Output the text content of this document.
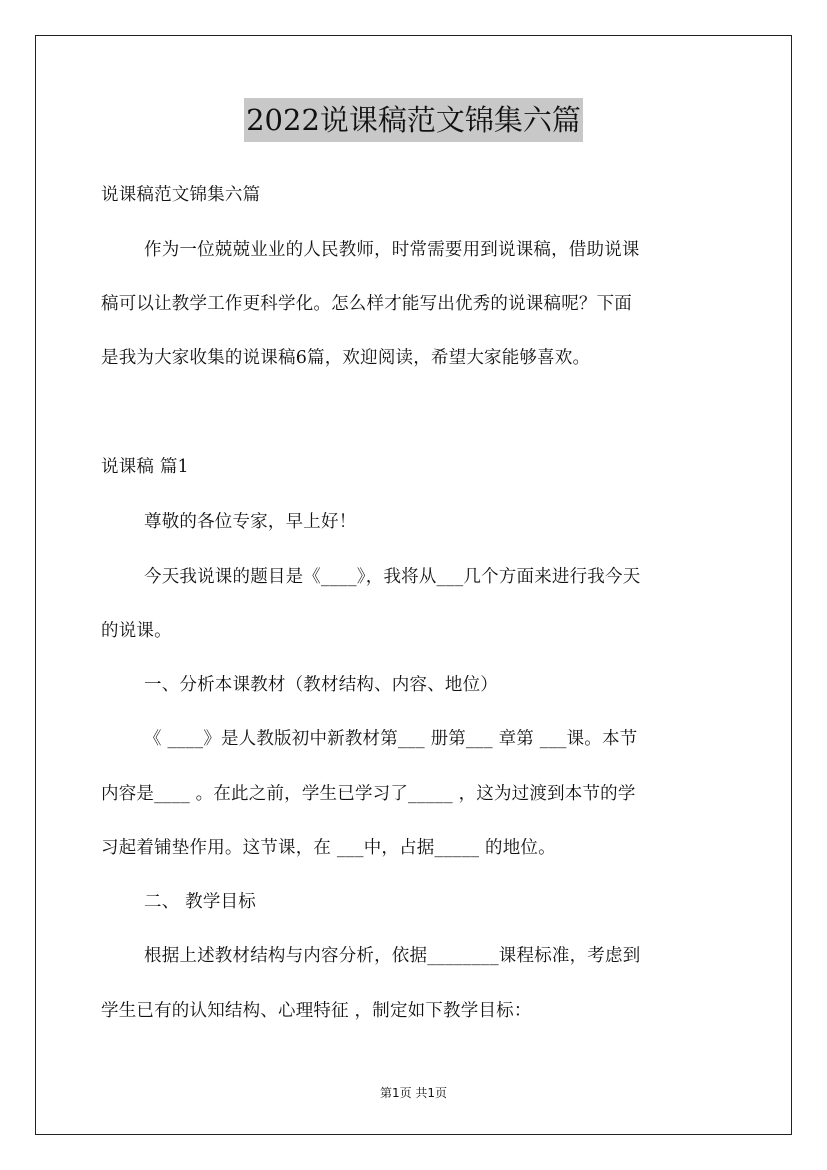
2022说课稿范文锦集六篇
说课稿范文锦集六篇
作为一位兢兢业业的人民教师，时常需要用到说课稿，借助说课
稿可以让教学工作更科学化。怎么样才能写出优秀的说课稿呢？下面
是我为大家收集的说课稿6篇，欢迎阅读，希望大家能够喜欢。
说课稿 篇1
尊敬的各位专家，早上好！
今天我说课的题目是《____》，我将从___几个方面来进行我今天
的说课。
一、分析本课教材（教材结构、内容、地位）
《 ____》是人教版初中新教材第___ 册第___ 章第 ___课。本节
内容是____ 。在此之前，学生已学习了_____ ，这为过渡到本节的学
习起着铺垫作用。这节课，在 ___中，占据_____ 的地位。
二、 教学目标
根据上述教材结构与内容分析，依据________课程标准，考虑到
学生已有的认知结构、心理特征 ，制定如下教学目标：
第1页 共1页
